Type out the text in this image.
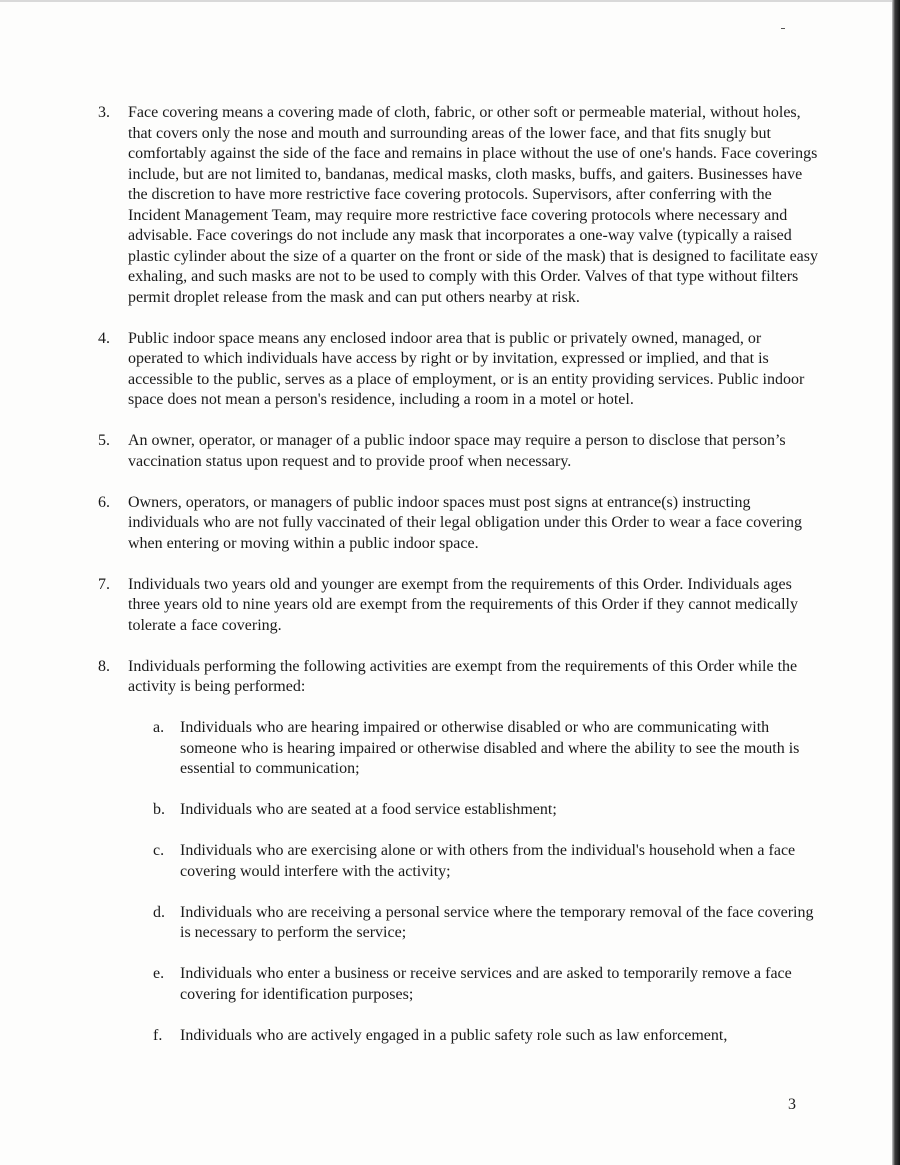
3.	Face covering means a covering made of cloth, fabric, or other soft or permeable material, without holes, that covers only the nose and mouth and surrounding areas of the lower face, and that fits snugly but comfortably against the side of the face and remains in place without the use of one's hands. Face coverings include, but are not limited to, bandanas, medical masks, cloth masks, buffs, and gaiters. Businesses have the discretion to have more restrictive face covering protocols. Supervisors, after conferring with the Incident Management Team, may require more restrictive face covering protocols where necessary and advisable. Face coverings do not include any mask that incorporates a one-way valve (typically a raised plastic cylinder about the size of a quarter on the front or side of the mask) that is designed to facilitate easy exhaling, and such masks are not to be used to comply with this Order. Valves of that type without filters permit droplet release from the mask and can put others nearby at risk.
4.	Public indoor space means any enclosed indoor area that is public or privately owned, managed, or operated to which individuals have access by right or by invitation, expressed or implied, and that is accessible to the public, serves as a place of employment, or is an entity providing services. Public indoor space does not mean a person's residence, including a room in a motel or hotel.
5.	An owner, operator, or manager of a public indoor space may require a person to disclose that person’s vaccination status upon request and to provide proof when necessary.
6.	Owners, operators, or managers of public indoor spaces must post signs at entrance(s) instructing individuals who are not fully vaccinated of their legal obligation under this Order to wear a face covering when entering or moving within a public indoor space.
7.	Individuals two years old and younger are exempt from the requirements of this Order. Individuals ages three years old to nine years old are exempt from the requirements of this Order if they cannot medically tolerate a face covering.
8.	Individuals performing the following activities are exempt from the requirements of this Order while the activity is being performed:
a. Individuals who are hearing impaired or otherwise disabled or who are communicating with someone who is hearing impaired or otherwise disabled and where the ability to see the mouth is essential to communication;
b. Individuals who are seated at a food service establishment;
c. Individuals who are exercising alone or with others from the individual's household when a face covering would interfere with the activity;
d. Individuals who are receiving a personal service where the temporary removal of the face covering is necessary to perform the service;
e. Individuals who enter a business or receive services and are asked to temporarily remove a face covering for identification purposes;
f.	Individuals who are actively engaged in a public safety role such as law enforcement,
3
